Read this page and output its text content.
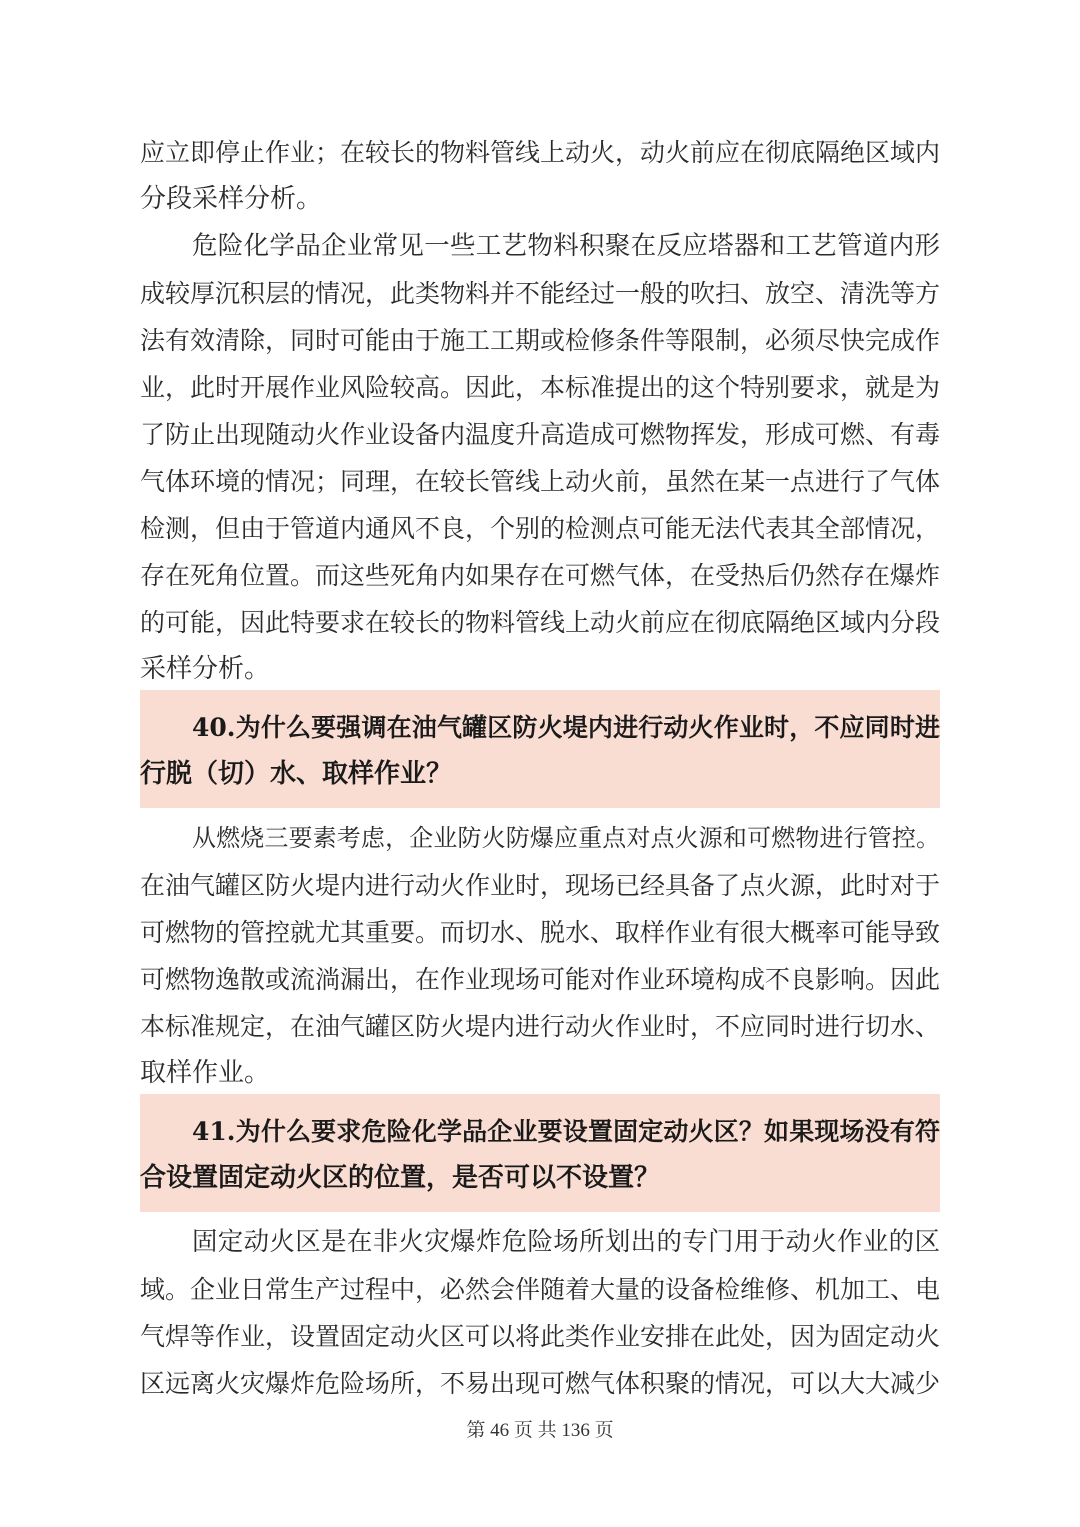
应立即停止作业；在较长的物料管线上动火，动火前应在彻底隔绝区域内
分段采样分析。
危险化学品企业常见一些工艺物料积聚在反应塔器和工艺管道内形
成较厚沉积层的情况，此类物料并不能经过一般的吹扫、放空、清洗等方
法有效清除，同时可能由于施工工期或检修条件等限制，必须尽快完成作
业，此时开展作业风险较高。因此，本标准提出的这个特别要求，就是为
了防止出现随动火作业设备内温度升高造成可燃物挥发，形成可燃、有毒
气体环境的情况；同理，在较长管线上动火前，虽然在某一点进行了气体
检测，但由于管道内通风不良，个别的检测点可能无法代表其全部情况，
存在死角位置。而这些死角内如果存在可燃气体，在受热后仍然存在爆炸
的可能，因此特要求在较长的物料管线上动火前应在彻底隔绝区域内分段
采样分析。
40.为什么要强调在油气罐区防火堤内进行动火作业时，不应同时进
行脱（切）水、取样作业？
从燃烧三要素考虑，企业防火防爆应重点对点火源和可燃物进行管控。
在油气罐区防火堤内进行动火作业时，现场已经具备了点火源，此时对于
可燃物的管控就尤其重要。而切水、脱水、取样作业有很大概率可能导致
可燃物逸散或流淌漏出，在作业现场可能对作业环境构成不良影响。因此
本标准规定，在油气罐区防火堤内进行动火作业时，不应同时进行切水、
取样作业。
41.为什么要求危险化学品企业要设置固定动火区？如果现场没有符
合设置固定动火区的位置，是否可以不设置？
固定动火区是在非火灾爆炸危险场所划出的专门用于动火作业的区
域。企业日常生产过程中，必然会伴随着大量的设备检维修、机加工、电
气焊等作业，设置固定动火区可以将此类作业安排在此处，因为固定动火
区远离火灾爆炸危险场所，不易出现可燃气体积聚的情况，可以大大减少
第 46 页 共 136 页
